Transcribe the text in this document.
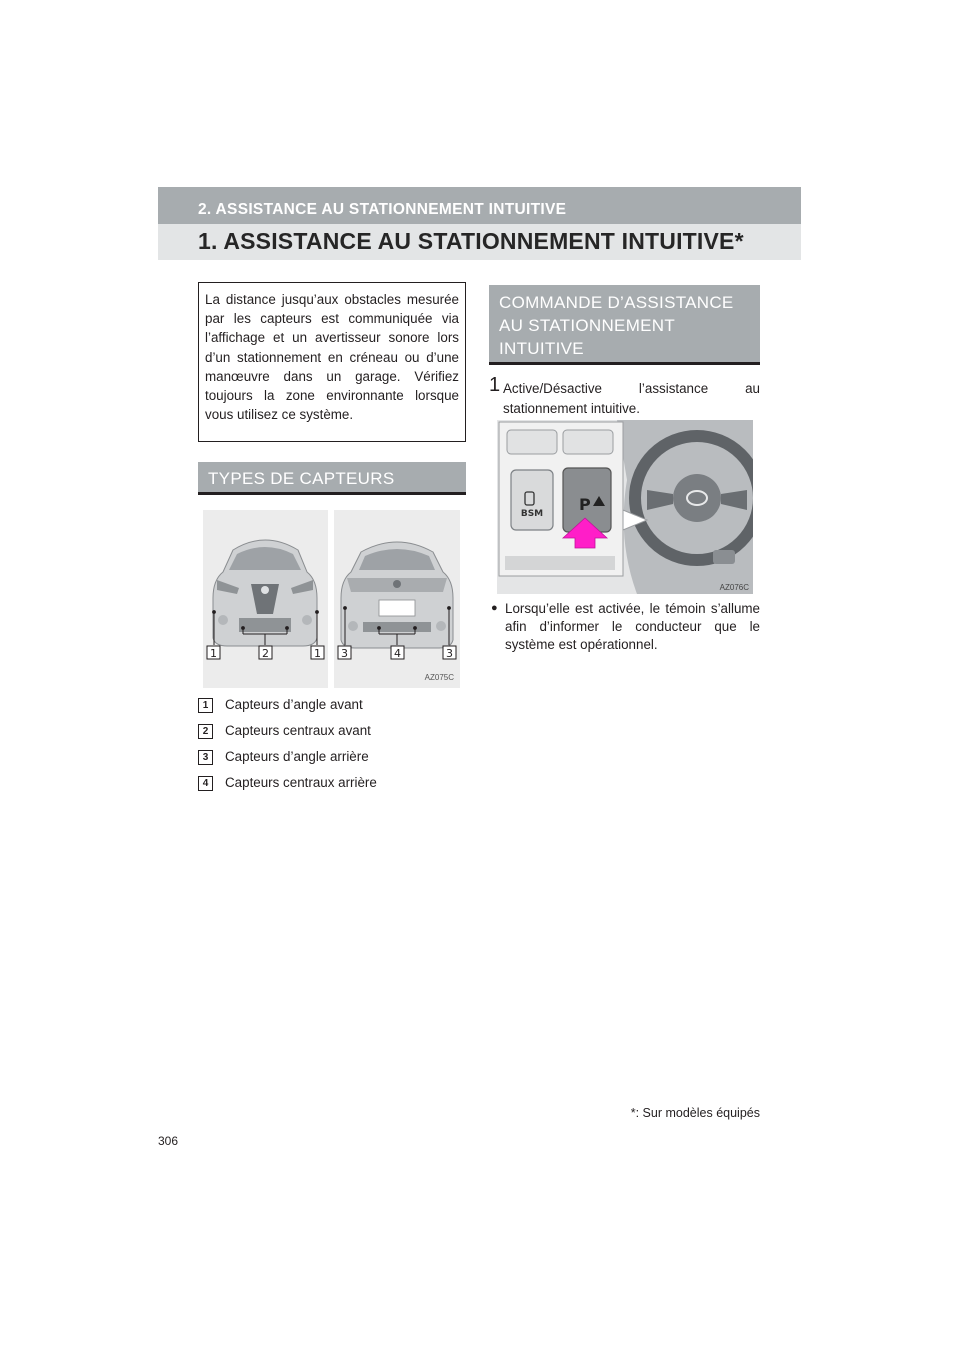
2. ASSISTANCE AU STATIONNEMENT INTUITIVE
1. ASSISTANCE AU STATIONNEMENT INTUITIVE*

La distance jusqu’aux obstacles mesurée par les capteurs est communiquée via l’affichage et un avertisseur sonore lors d’un stationnement en créneau ou d’une manœuvre dans un garage. Vérifiez toujours la zone environnante lorsque vous utilisez ce système.

TYPES DE CAPTEURS
1	2	1 3	4	3
AZ075C
1	Capteurs d’angle avant
2	Capteurs centraux avant
3	Capteurs d’angle arrière
4	Capteurs centraux arrière
COMMANDE D’ASSISTANCE
AU STATIONNEMENT
INTUITIVE
1 Active/Désactive l’assistance au stationnement intuitive.
BSM P
AZ076C
● Lorsqu’elle est activée, le témoin s’allume afin d’informer le conducteur que le système est opérationnel.
*: Sur modèles équipés
306
